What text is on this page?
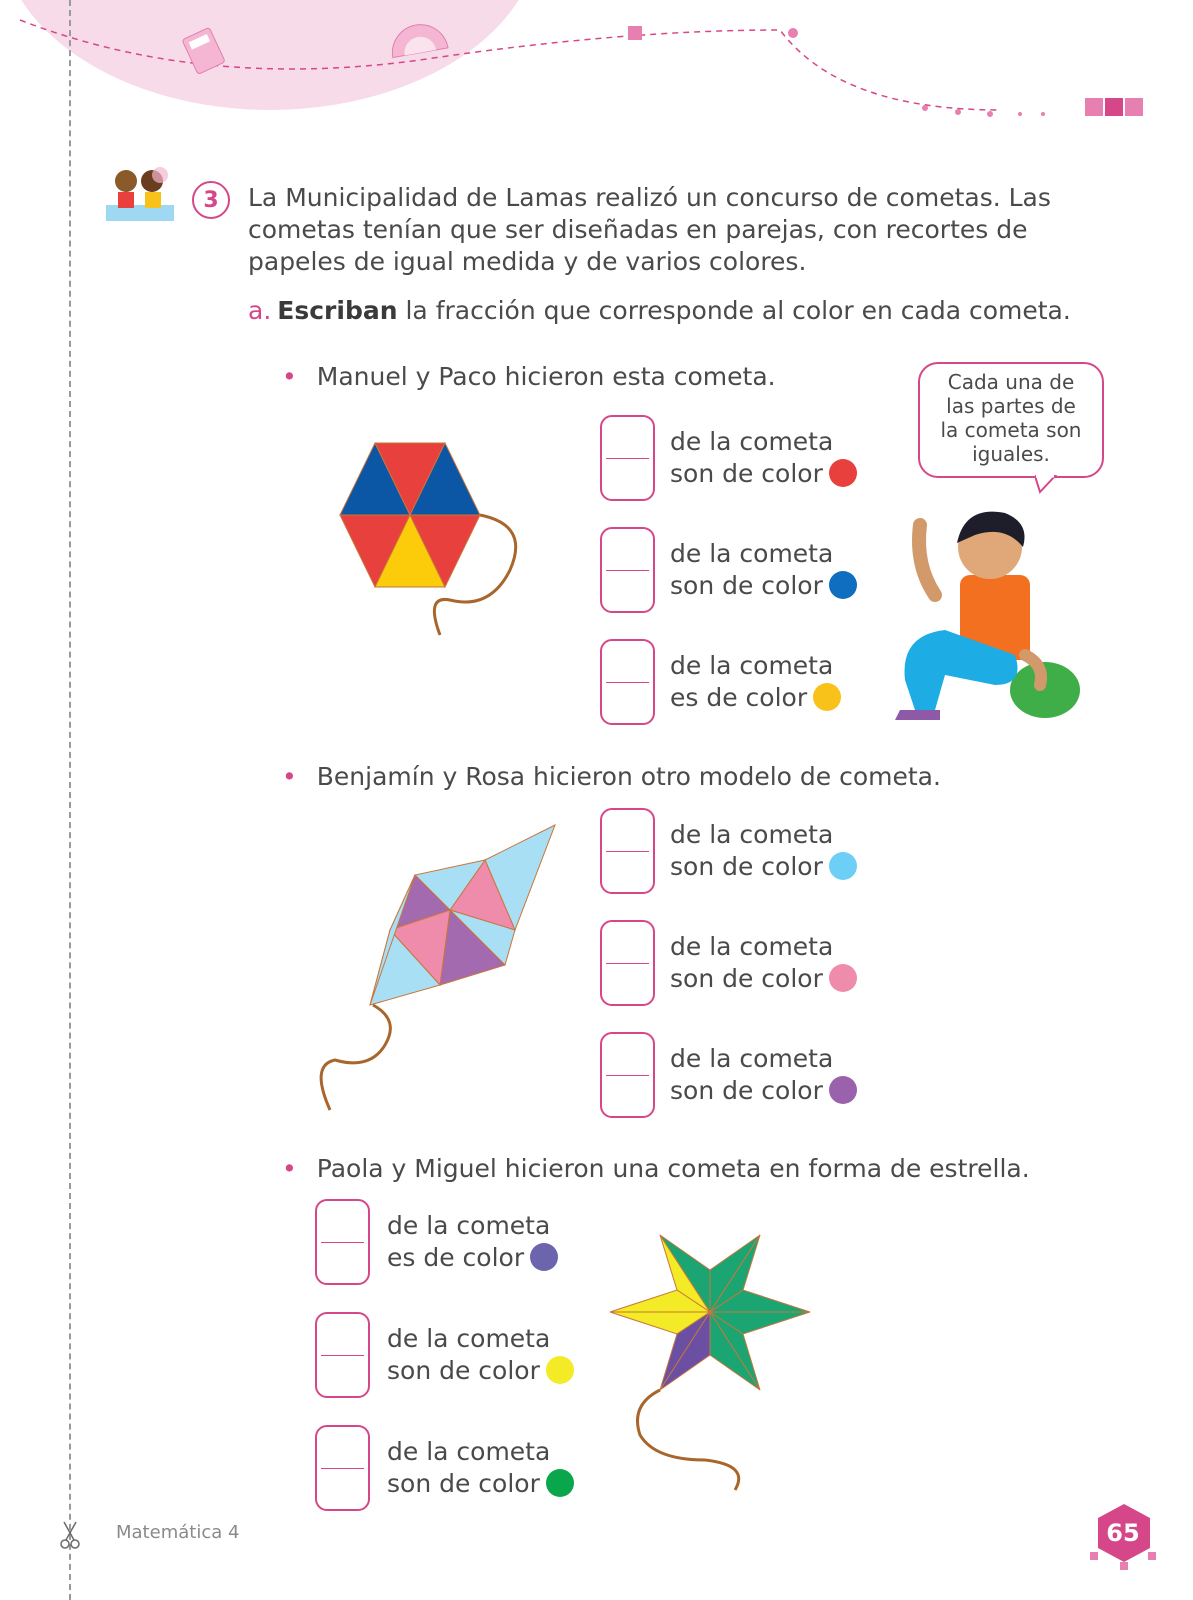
3	La Municipalidad de Lamas realizó un concurso de cometas. Las cometas tenían que ser diseñadas en parejas, con recortes de papeles de igual medida y de varios colores.

a. Escriban la fracción que corresponde al color en cada cometa.
• Manuel y Paco hicieron esta cometa.
de la cometa
son de color
de la cometa
son de color
de la cometa
es de color
Cada una de
las partes de
la cometa son
iguales.
• Benjamín y Rosa hicieron otro modelo de cometa.
de la cometa
son de color
de la cometa
son de color
de la cometa
son de color
• Paola y Miguel hicieron una cometa en forma de estrella.
de la cometa
es de color
de la cometa
son de color
de la cometa
son de color
Matemática 4	65
